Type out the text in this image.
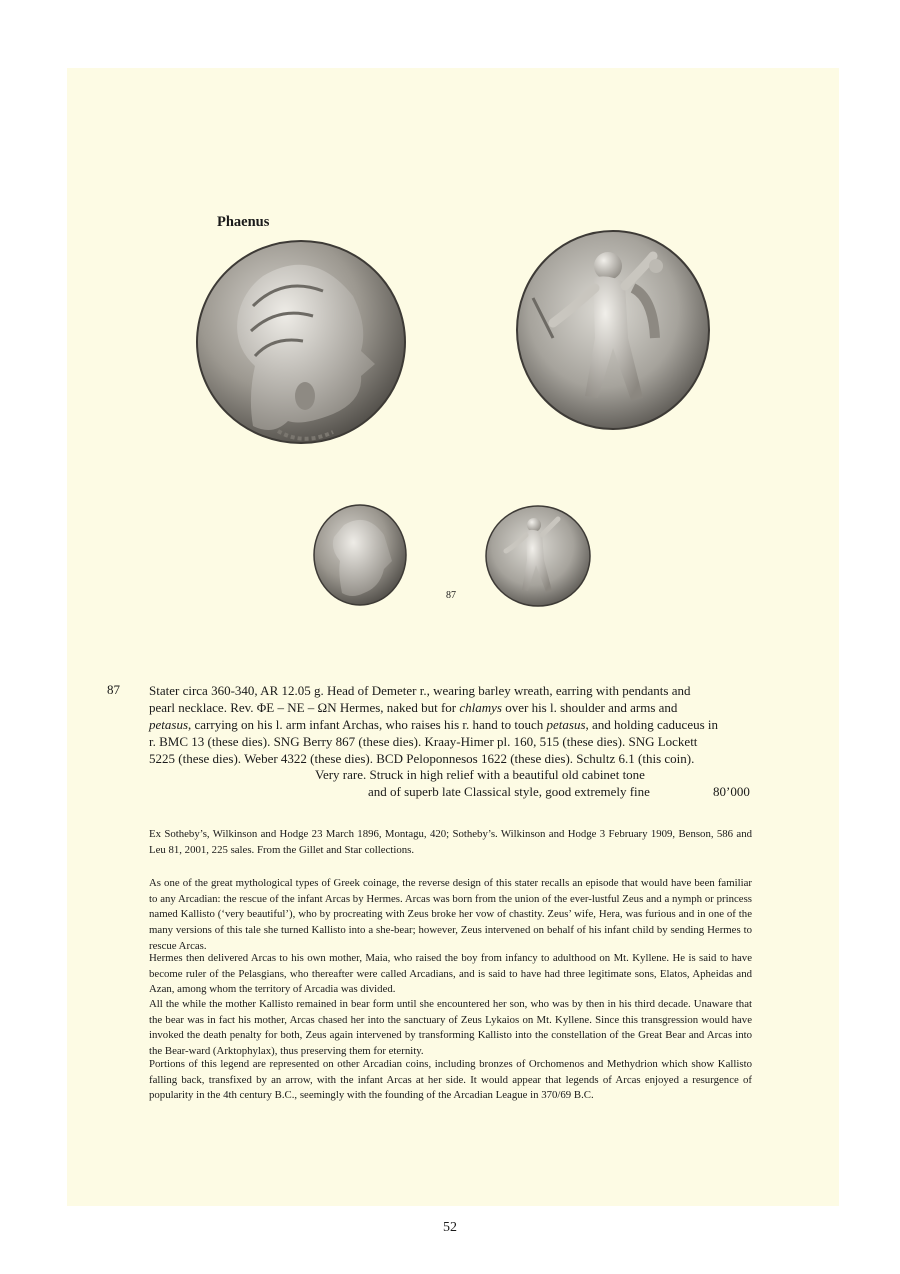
Phaenus
87
87 Stater circa 360-340, AR 12.05 g. Head of Demeter r., wearing barley wreath, earring with pendants and

pearl necklace. Rev. ΦE – NE – ΩN Hermes, naked but for chlamys over his l. shoulder and arms and

petasus, carrying on his l. arm infant Archas, who raises his r. hand to touch petasus, and holding caduceus in

r. BMC 13 (these dies). SNG Berry 867 (these dies). Kraay-Himer pl. 160, 515 (these dies). SNG Lockett

5225 (these dies). Weber 4322 (these dies). BCD Peloponnesos 1622 (these dies). Schultz 6.1 (this coin).

Very rare. Struck in high relief with a beautiful old cabinet tone
and of superb late Classical style, good extremely fine	80’000

Ex Sotheby’s, Wilkinson and Hodge 23 March 1896, Montagu, 420; Sotheby’s. Wilkinson and Hodge 3 February 1909, Benson, 586 and Leu 81, 2001, 225 sales. From the Gillet and Star collections.

As one of the great mythological types of Greek coinage, the reverse design of this stater recalls an episode that would have been familiar to any Arcadian: the rescue of the infant Arcas by Hermes. Arcas was born from the union of the ever-lustful Zeus and a nymph or princess named Kallisto (‘very beautiful’), who by procreating with Zeus broke her vow of chastity. Zeus’ wife, Hera, was furious and in one of the many versions of this tale she turned Kallisto into a she-bear; however, Zeus intervened on behalf of his infant child by sending Hermes to rescue Arcas.

Hermes then delivered Arcas to his own mother, Maia, who raised the boy from infancy to adulthood on Mt. Kyllene. He is said to have become ruler of the Pelasgians, who thereafter were called Arcadians, and is said to have had three legitimate sons, Elatos, Apheidas and Azan, among whom the territory of Arcadia was divided.

All the while the mother Kallisto remained in bear form until she encountered her son, who was by then in his third decade. Unaware that the bear was in fact his mother, Arcas chased her into the sanctuary of Zeus Lykaios on Mt. Kyllene. Since this transgression would have invoked the death penalty for both, Zeus again intervened by transforming Kallisto into the constellation of the Great Bear and Arcas into the Bear-ward (Arktophylax), thus preserving them for eternity.

Portions of this legend are represented on other Arcadian coins, including bronzes of Orchomenos and Methydrion which show Kallisto falling back, transfixed by an arrow, with the infant Arcas at her side. It would appear that legends of Arcas enjoyed a resurgence of popularity in the 4th century B.C., seemingly with the founding of the Arcadian League in 370/69 B.C.

52
